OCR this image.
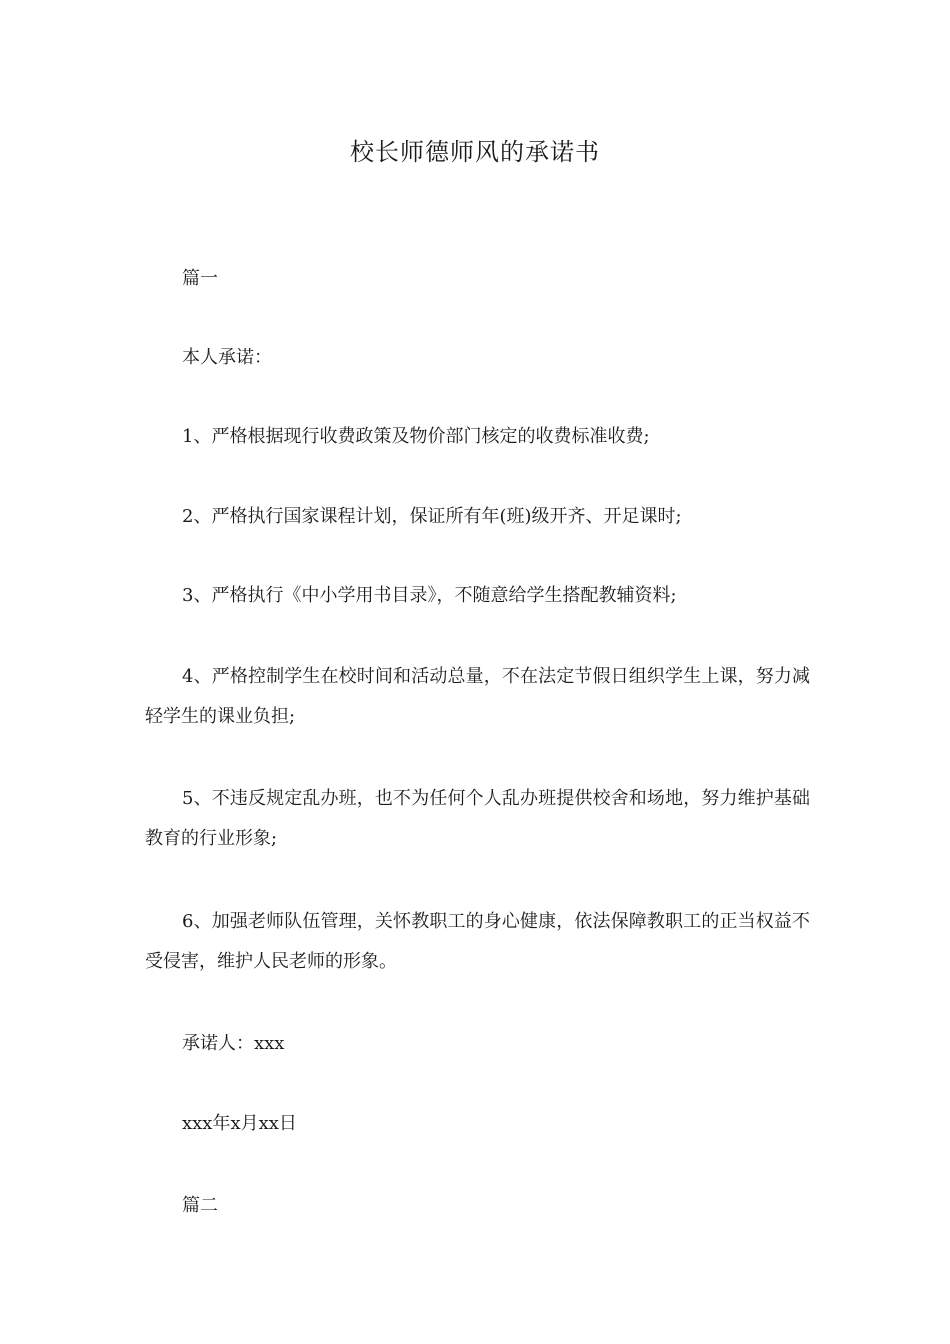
校长师德师风的承诺书

篇一

本人承诺：

1、严格根据现行收费政策及物价部门核定的收费标准收费;

2、严格执行国家课程计划，保证所有年(班)级开齐、开足课时;

3、严格执行《中小学用书目录》，不随意给学生搭配教辅资料;

4、严格控制学生在校时间和活动总量，不在法定节假日组织学生上课，努力减轻学生的课业负担;

5、不违反规定乱办班，也不为任何个人乱办班提供校舍和场地，努力维护基础教育的行业形象;

6、加强老师队伍管理，关怀教职工的身心健康，依法保障教职工的正当权益不受侵害，维护人民老师的形象。

承诺人：xxx

xxx年x月xx日

篇二
